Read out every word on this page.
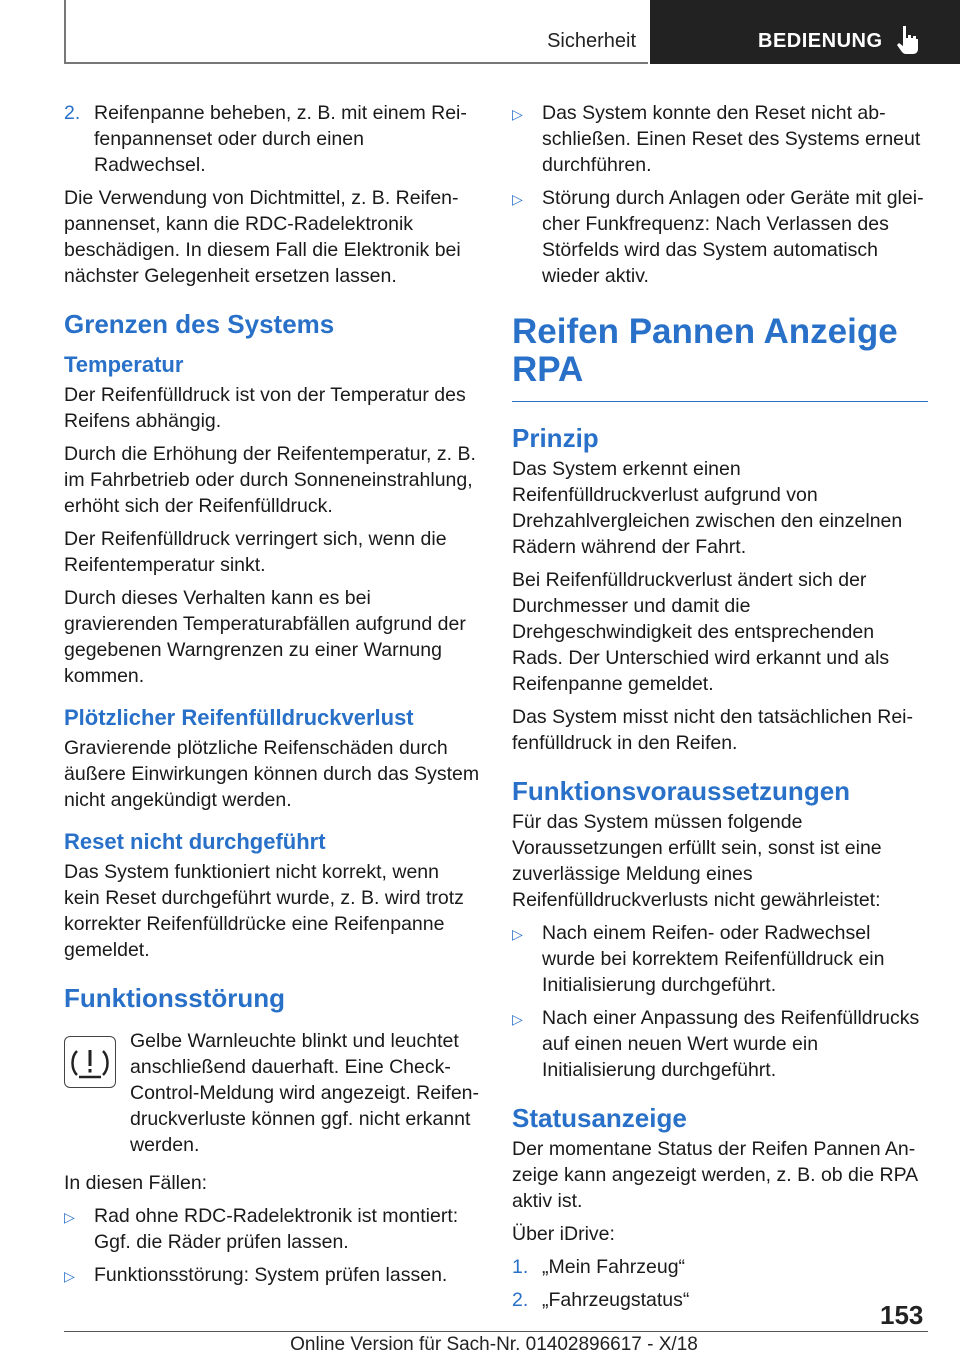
Sicherheit	BEDIENUNG
2. Reifenpanne beheben, z. B. mit einem Reifenpannenset oder durch einen Radwechsel.

Die Verwendung von Dichtmittel, z. B. Reifenpannenset, kann die RDC-Radelektronik beschädigen. In diesem Fall die Elektronik bei nächster Gelegenheit ersetzen lassen.

Grenzen des Systems
Temperatur

Der Reifenfülldruck ist von der Temperatur des Reifens abhängig.

Durch die Erhöhung der Reifentemperatur, z. B. im Fahrbetrieb oder durch Sonneneinstrahlung, erhöht sich der Reifenfülldruck.

Der Reifenfülldruck verringert sich, wenn die Reifentemperatur sinkt.

Durch dieses Verhalten kann es bei gravierenden Temperaturabfällen aufgrund der gegebenen Warngrenzen zu einer Warnung kommen.

Plötzlicher Reifenfülldruckverlust

Gravierende plötzliche Reifenschäden durch äußere Einwirkungen können durch das System nicht angekündigt werden.

Reset nicht durchgeführt

Das System funktioniert nicht korrekt, wenn kein Reset durchgeführt wurde, z. B. wird trotz korrekter Reifenfülldrücke eine Reifenpanne gemeldet.

Funktionsstörung

Gelbe Warnleuchte blinkt und leuchtet anschließend dauerhaft. Eine Check-Control-Meldung wird angezeigt. Reifendruckverluste können ggf. nicht erkannt werden.

In diesen Fällen:

▷ Rad ohne RDC-Radelektronik ist montiert: Ggf. die Räder prüfen lassen.
▷ Funktionsstörung: System prüfen lassen.
▷ Das System konnte den Reset nicht abschließen. Einen Reset des Systems erneut durchführen.
▷ Störung durch Anlagen oder Geräte mit gleicher Funkfrequenz: Nach Verlassen des Störfelds wird das System automatisch wieder aktiv.
Reifen Pannen Anzeige RPA
Prinzip

Das System erkennt einen Reifenfülldruckverlust aufgrund von Drehzahlvergleichen zwischen den einzelnen Rädern während der Fahrt.

Bei Reifenfülldruckverlust ändert sich der Durchmesser und damit die Drehgeschwindigkeit des entsprechenden Rads. Der Unterschied wird erkannt und als Reifenpanne gemeldet.

Das System misst nicht den tatsächlichen Reifenfülldruck in den Reifen.

Funktionsvoraussetzungen

Für das System müssen folgende Voraussetzungen erfüllt sein, sonst ist eine zuverlässige Meldung eines Reifenfülldruckverlusts nicht gewährleistet:

▷ Nach einem Reifen- oder Radwechsel wurde bei korrektem Reifenfülldruck ein Initialisierung durchgeführt.
▷ Nach einer Anpassung des Reifenfülldrucks auf einen neuen Wert wurde ein Initialisierung durchgeführt.
Statusanzeige

Der momentane Status der Reifen Pannen Anzeige kann angezeigt werden, z. B. ob die RPA aktiv ist.

Über iDrive:

1. „Mein Fahrzeug“
2. „Fahrzeugstatus“	153
Online Version für Sach-Nr. 01402896617 - X/18
